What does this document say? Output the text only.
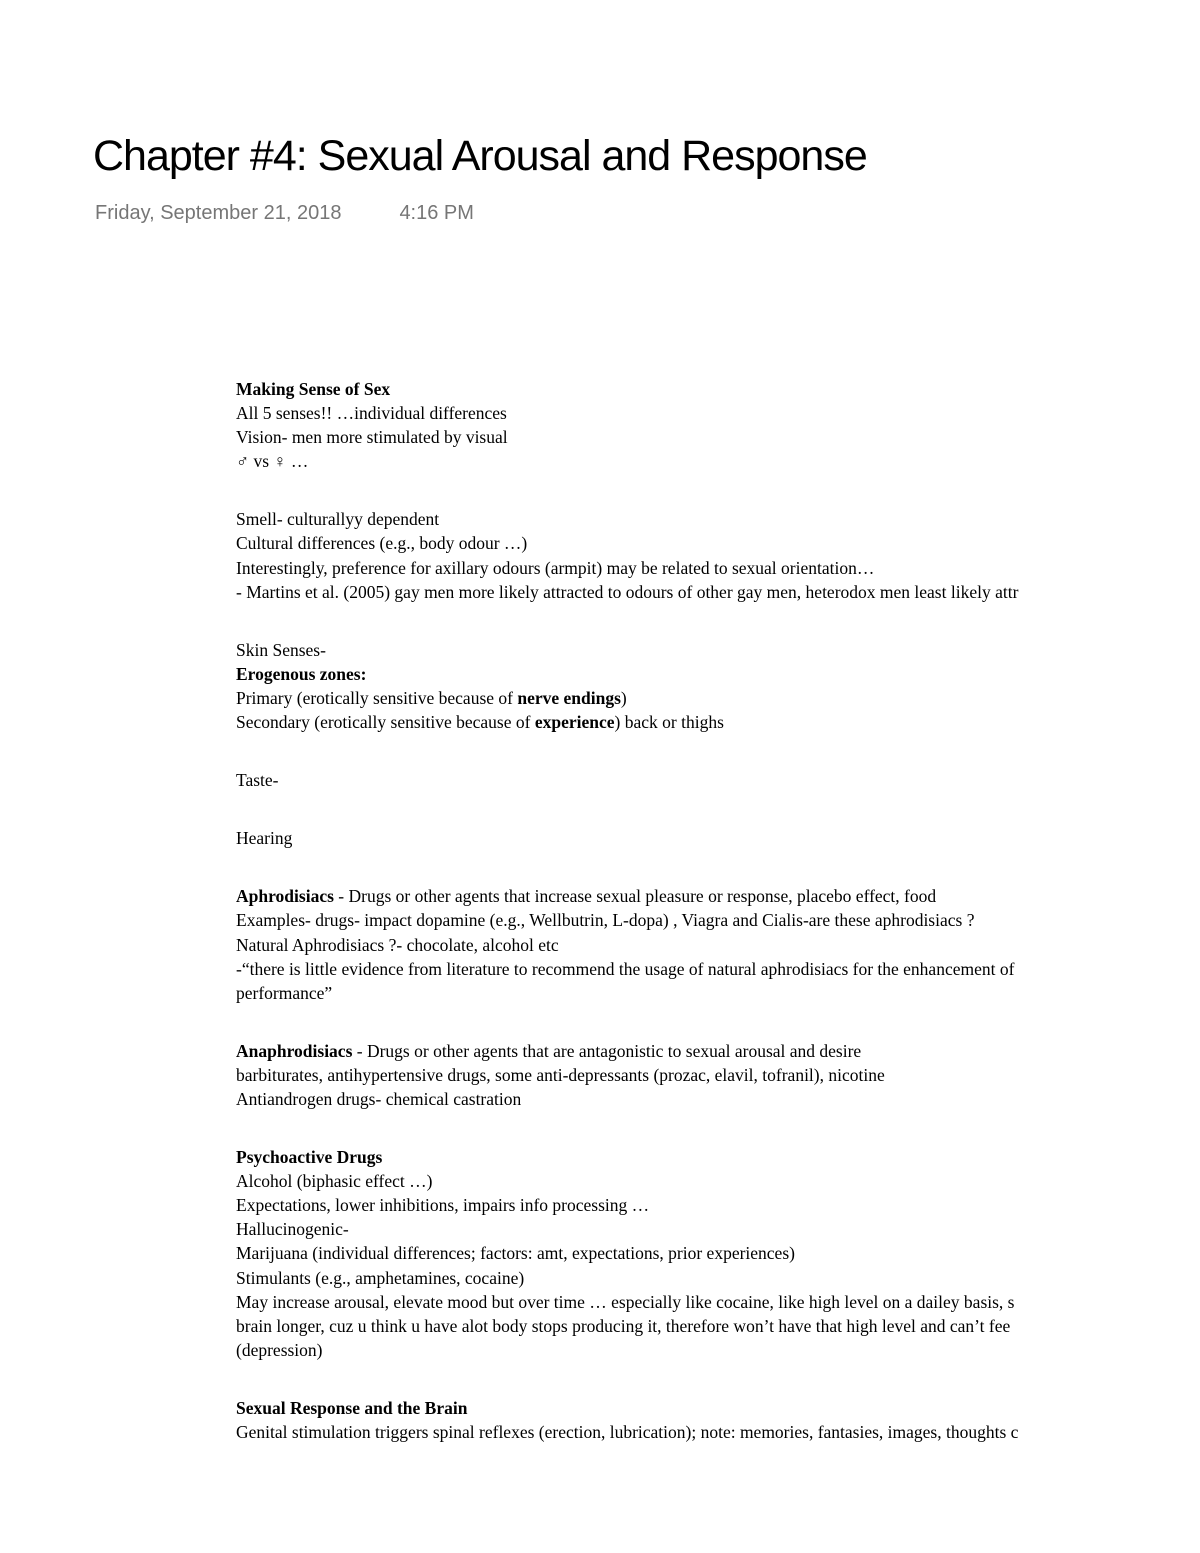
Chapter #4: Sexual Arousal and Response
Friday, September 21, 2018	4:16 PM
Making Sense of Sex
All 5 senses!! …individual differences
Vision- men more stimulated by visual
♂ vs ♀ …
Smell- culturallyy dependent
Cultural differences (e.g., body odour …)
Interestingly, preference for axillary odours (armpit) may be related to sexual orientation…
- Martins et al. (2005) gay men more likely attracted to odours of other gay men, heterodox men least likely attr
Skin Senses-
Erogenous zones:
Primary (erotically sensitive because of nerve endings)
Secondary (erotically sensitive because of experience) back or thighs
Taste-
Hearing
Aphrodisiacs - Drugs or other agents that increase sexual pleasure or response, placebo effect, food
Examples- drugs- impact dopamine (e.g., Wellbutrin, L-dopa) , Viagra and Cialis-are these aphrodisiacs ?
Natural Aphrodisiacs ?- chocolate, alcohol etc
-“there is little evidence from literature to recommend the usage of natural aphrodisiacs for the enhancement of
performance”
Anaphrodisiacs - Drugs or other agents that are antagonistic to sexual arousal and desire
barbiturates, antihypertensive drugs, some anti-depressants (prozac, elavil, tofranil), nicotine
Antiandrogen drugs- chemical castration
Psychoactive Drugs
Alcohol (biphasic effect …)
Expectations, lower inhibitions, impairs info processing …
Hallucinogenic-
Marijuana (individual differences; factors: amt, expectations, prior experiences)
Stimulants (e.g., amphetamines, cocaine)
May increase arousal, elevate mood but over time … especially like cocaine, like high level on a dailey basis, s
brain longer, cuz u think u have alot body stops producing it, therefore won’t have that high level and can’t fee
(depression)
Sexual Response and the Brain
Genital stimulation triggers spinal reflexes (erection, lubrication); note: memories, fantasies, images, thoughts c
